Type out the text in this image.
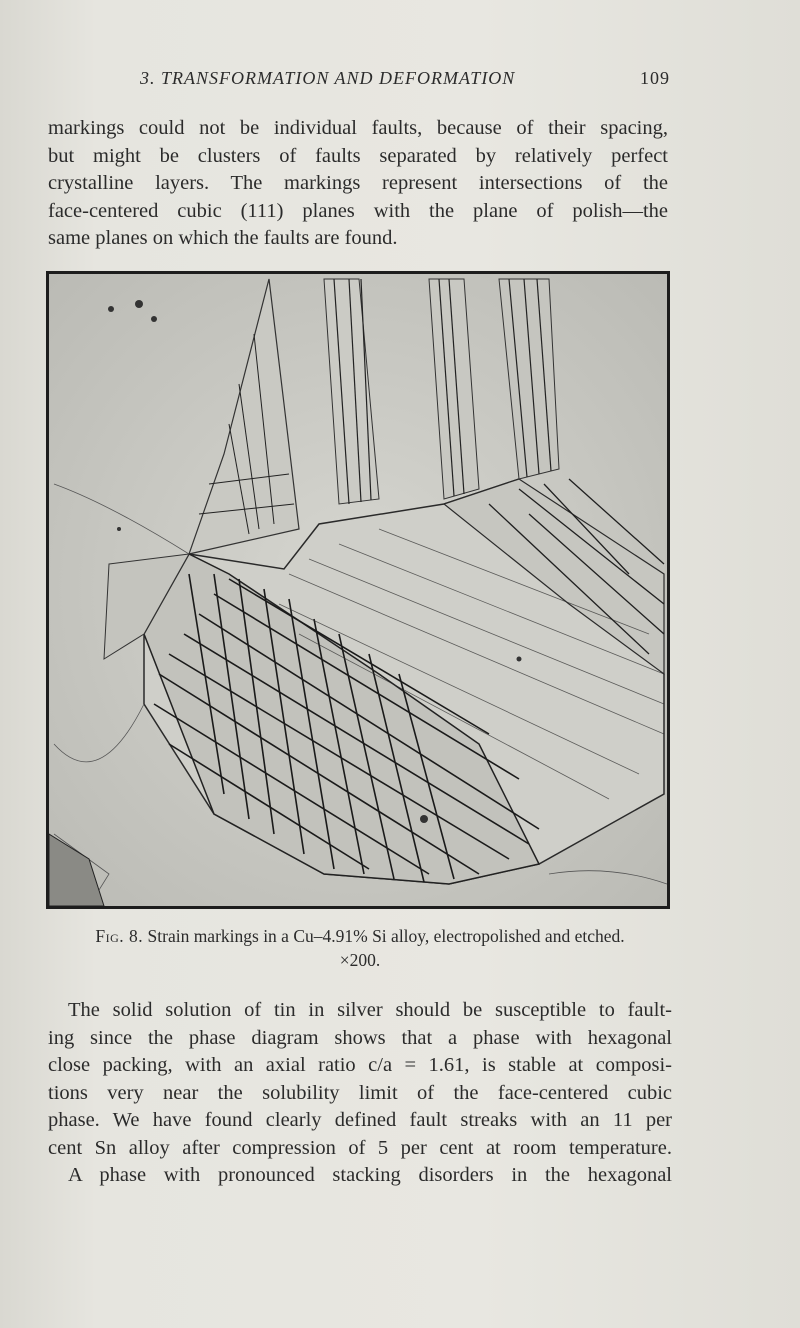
3. TRANSFORMATION AND DEFORMATION	109
markings could not be individual faults, because of their spacing,
but might be clusters of faults separated by relatively perfect
crystalline layers. The markings represent intersections of the
face-centered cubic (111) planes with the plane of polish—the
same planes on which the faults are found.
Fig. 8. Strain markings in a Cu–4.91% Si alloy, electropolished and etched.
×200.
The solid solution of tin in silver should be susceptible to fault-
ing since the phase diagram shows that a phase with hexagonal
close packing, with an axial ratio c/a = 1.61, is stable at composi-
tions very near the solubility limit of the face-centered cubic
phase. We have found clearly defined fault streaks with an 11 per
cent Sn alloy after compression of 5 per cent at room temperature.
A phase with pronounced stacking disorders in the hexagonal
